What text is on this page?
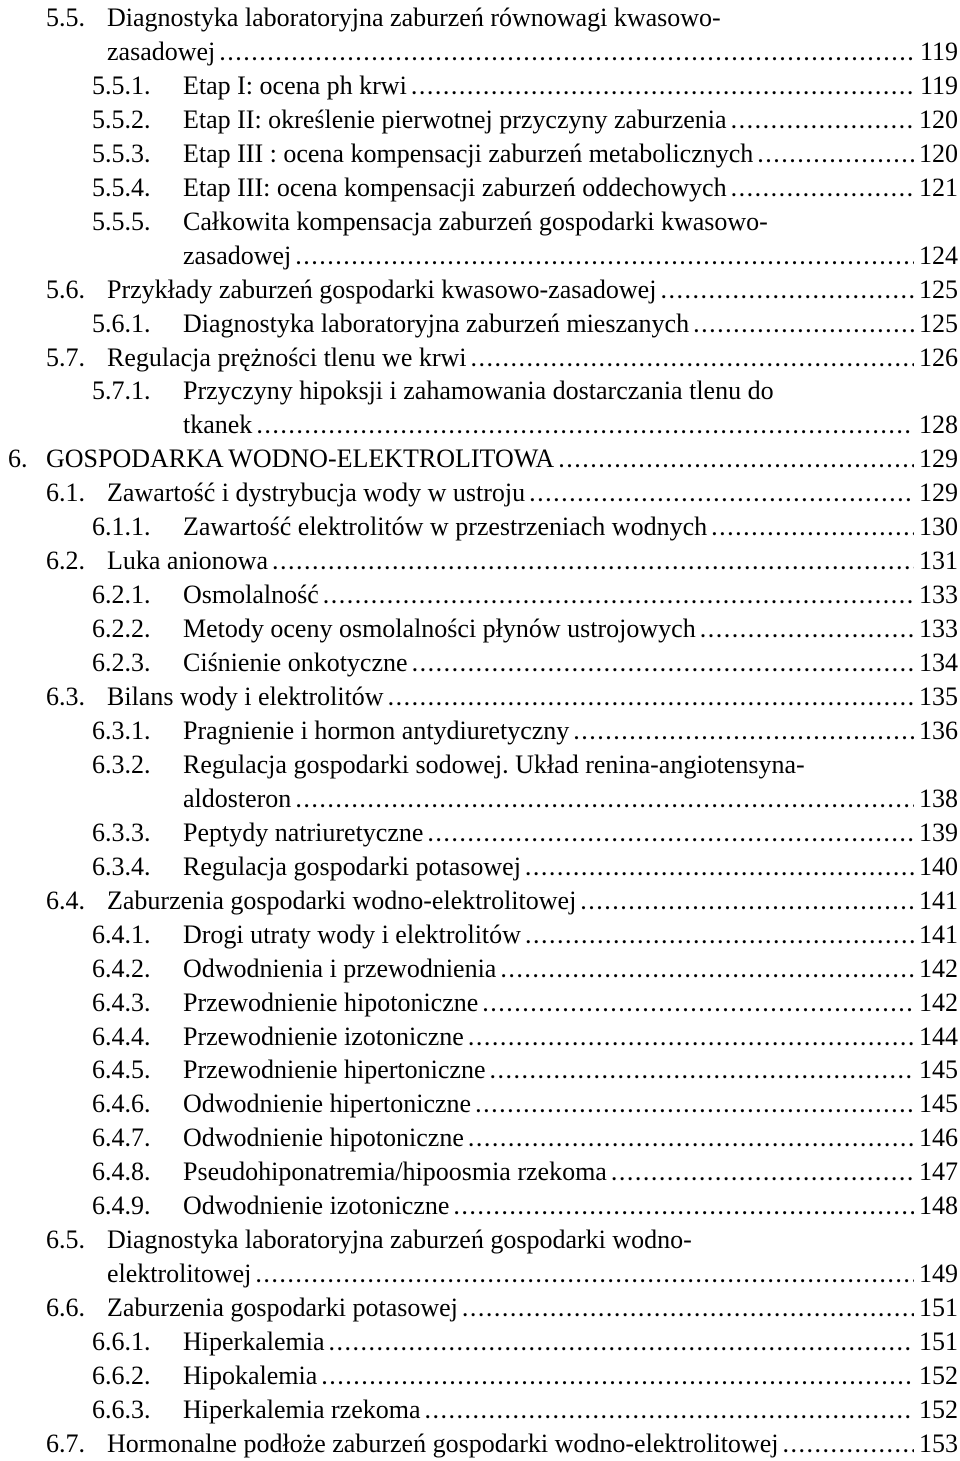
5.5. Diagnostyka laboratoryjna zaburzeń równowagi kwasowo-
zasadowej . . .	119
5.5.1. Etap I: ocena ph krwi . . .	119
5.5.2. Etap II: określenie pierwotnej przyczyny zaburzenia . . .	120
5.5.3. Etap III : ocena kompensacji zaburzeń metabolicznych . . .	120
5.5.4. Etap III: ocena kompensacji zaburzeń oddechowych . . .	121
5.5.5. Całkowita kompensacja zaburzeń gospodarki kwasowo-
zasadowej . . .	124
5.6. Przykłady zaburzeń gospodarki kwasowo-zasadowej . . .	125
5.6.1. Diagnostyka laboratoryjna zaburzeń mieszanych . . .	125
5.7. Regulacja prężności tlenu we krwi . . .	126
5.7.1. Przyczyny hipoksji i zahamowania dostarczania tlenu do
tkanek . . .	128
6. GOSPODARKA WODNO-ELEKTROLITOWA . . .	129
6.1. Zawartość i dystrybucja wody w ustroju . . .	129
6.1.1. Zawartość elektrolitów w przestrzeniach wodnych . . .	130
6.2. Luka anionowa . . .	131
6.2.1. Osmolalność . . .	133
6.2.2. Metody oceny osmolalności płynów ustrojowych . . .	133
6.2.3. Ciśnienie onkotyczne . . .	134
6.3. Bilans wody i elektrolitów . . .	135
6.3.1. Pragnienie i hormon antydiuretyczny . . .	136
6.3.2. Regulacja gospodarki sodowej. Układ renina-angiotensyna-
aldosteron . . .	138
6.3.3. Peptydy natriuretyczne . . .	139
6.3.4. Regulacja gospodarki potasowej . . .	140
6.4. Zaburzenia gospodarki wodno-elektrolitowej . . .	141
6.4.1. Drogi utraty wody i elektrolitów . . .	141
6.4.2. Odwodnienia i przewodnienia . . .	142
6.4.3. Przewodnienie hipotoniczne . . .	142
6.4.4. Przewodnienie izotoniczne . . .	144
6.4.5. Przewodnienie hipertoniczne . . .	145
6.4.6. Odwodnienie hipertoniczne . . .	145
6.4.7. Odwodnienie hipotoniczne . . .	146
6.4.8. Pseudohiponatremia/hipoosmia rzekoma . . .	147
6.4.9. Odwodnienie izotoniczne . . .	148
6.5. Diagnostyka laboratoryjna zaburzeń gospodarki wodno-
elektrolitowej . . .	149
6.6. Zaburzenia gospodarki potasowej . . .	151
6.6.1. Hiperkalemia . . .	151
6.6.2. Hipokalemia . . .	152
6.6.3. Hiperkalemia rzekoma . . .	152
6.7. Hormonalne podłoże zaburzeń gospodarki wodno-elektrolitowej . . .	153
